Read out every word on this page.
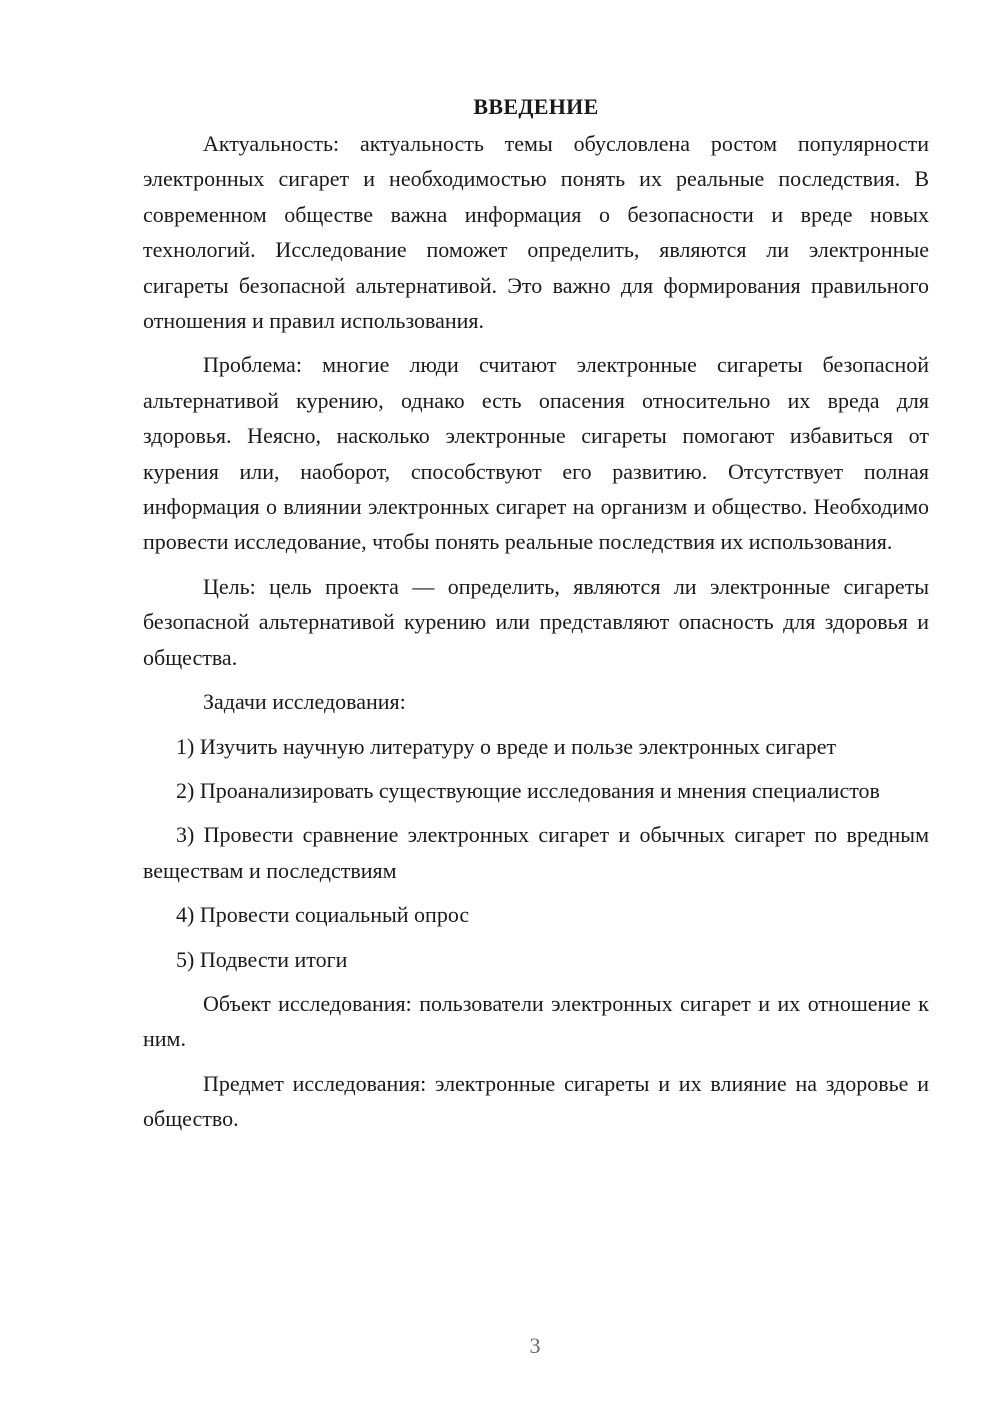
ВВЕДЕНИЕ

Актуальность: актуальность темы обусловлена ростом популярности электронных сигарет и необходимостью понять их реальные последствия. В современном обществе важна информация о безопасности и вреде новых технологий. Исследование поможет определить, являются ли электронные сигареты безопасной альтернативой. Это важно для формирования правильного отношения и правил использования.

Проблема: многие люди считают электронные сигареты безопасной альтернативой курению, однако есть опасения относительно их вреда для здоровья. Неясно, насколько электронные сигареты помогают избавиться от курения или, наоборот, способствуют его развитию. Отсутствует полная информация о влиянии электронных сигарет на организм и общество. Необходимо провести исследование, чтобы понять реальные последствия их использования.

Цель: цель проекта — определить, являются ли электронные сигареты безопасной альтернативой курению или представляют опасность для здоровья и общества.

Задачи исследования:

1) Изучить научную литературу о вреде и пользе электронных сигарет

2) Проанализировать существующие исследования и мнения специалистов

3) Провести сравнение электронных сигарет и обычных сигарет по вредным веществам и последствиям

4) Провести социальный опрос

5) Подвести итоги

Объект исследования: пользователи электронных сигарет и их отношение к ним.

Предмет исследования: электронные сигареты и их влияние на здоровье и общество.

3
